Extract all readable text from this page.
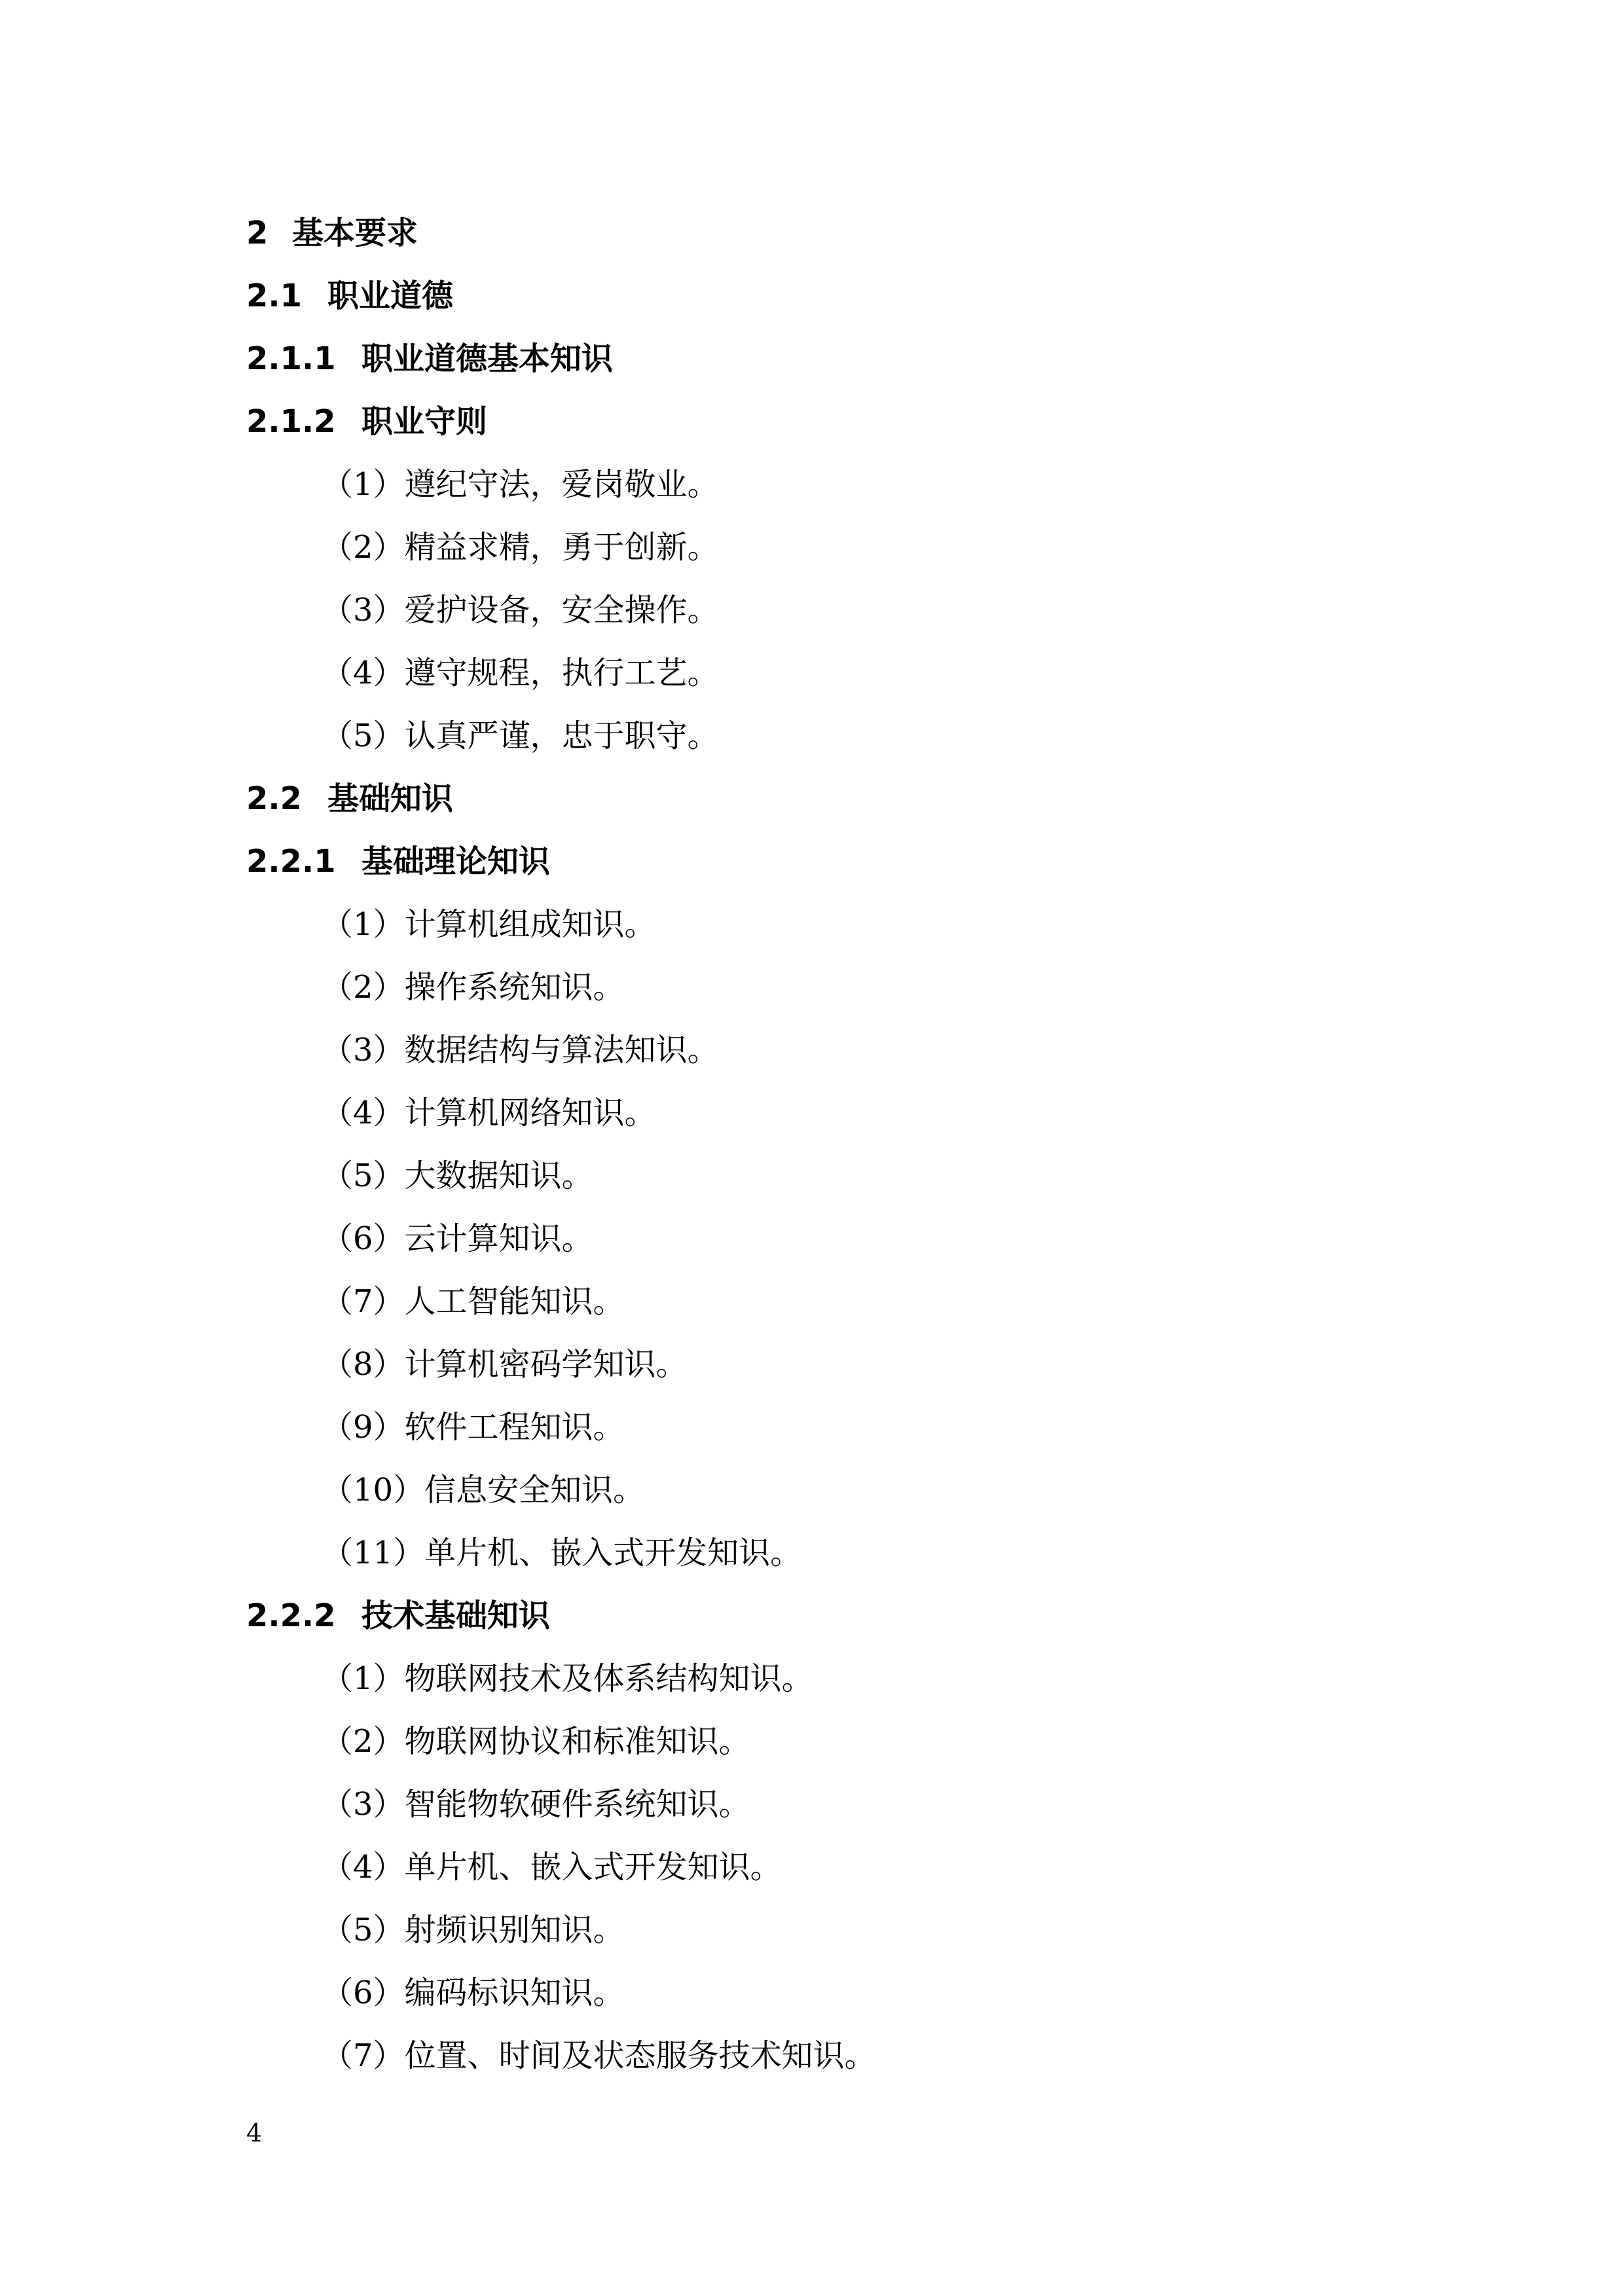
2 基本要求
2.1 职业道德
2.1.1 职业道德基本知识
2.1.2 职业守则
（1）遵纪守法，爱岗敬业。
（2）精益求精，勇于创新。
（3）爱护设备，安全操作。
（4）遵守规程，执行工艺。
（5）认真严谨，忠于职守。
2.2 基础知识
2.2.1 基础理论知识
（1）计算机组成知识。
（2）操作系统知识。
（3）数据结构与算法知识。
（4）计算机网络知识。
（5）大数据知识。
（6）云计算知识。
（7）人工智能知识。
（8）计算机密码学知识。
（9）软件工程知识。
（10）信息安全知识。
（11）单片机、嵌入式开发知识。
2.2.2 技术基础知识
（1）物联网技术及体系结构知识。
（2）物联网协议和标准知识。
（3）智能物软硬件系统知识。
（4）单片机、嵌入式开发知识。
（5）射频识别知识。
（6）编码标识知识。
（7）位置、时间及状态服务技术知识。
4
